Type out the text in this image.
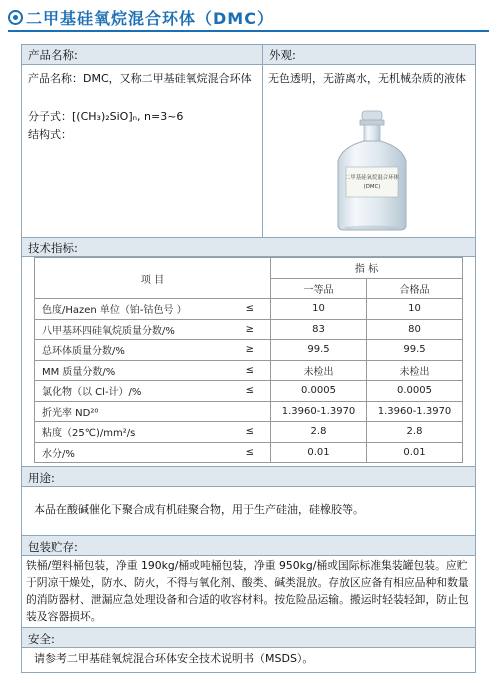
二甲基硅氧烷混合环体（DMC）
产品名称:	外观:
产品名称：DMC，又称二甲基硅氧烷混合环体
分子式：[(CH₃)₂SiO]ₙ, n=3~6
结构式：
无色透明，无游离水，无机械杂质的液体
二甲基硅氧烷混合环体
(DMC)
技术指标:
项 目		指 标	
		一等品	合格品
色度/Hazen 单位（铂-钴色号 ）	≤	10	10
八甲基环四硅氧烷质量分数/%	≥	83	80
总环体质量分数/%	≥	99.5	99.5
MM 质量分数/%	≤	未检出	未检出
氯化物（以 Cl-计）/%	≤	0.0005	0.0005
折光率 ND²⁰		1.3960-1.3970	1.3960-1.3970
粘度（25℃)/mm²/s	≤	2.8	2.8
水分/%	≤	0.01	0.01
用途:
本品在酸碱催化下聚合成有机硅聚合物，用于生产硅油，硅橡胶等。
包装贮存:
铁桶/塑料桶包装，净重 190kg/桶或吨桶包装，净重 950kg/桶或国际标准集装罐包装。应贮于阴凉干燥处，防水、防火，不得与氧化剂、酸类、碱类混放。存放区应备有相应品种和数量的消防器材、泄漏应急处理设备和合适的收容材料。按危险品运输。搬运时轻装轻卸，防止包装及容器损坏。
安全:
请参考二甲基硅氧烷混合环体安全技术说明书（MSDS）。
